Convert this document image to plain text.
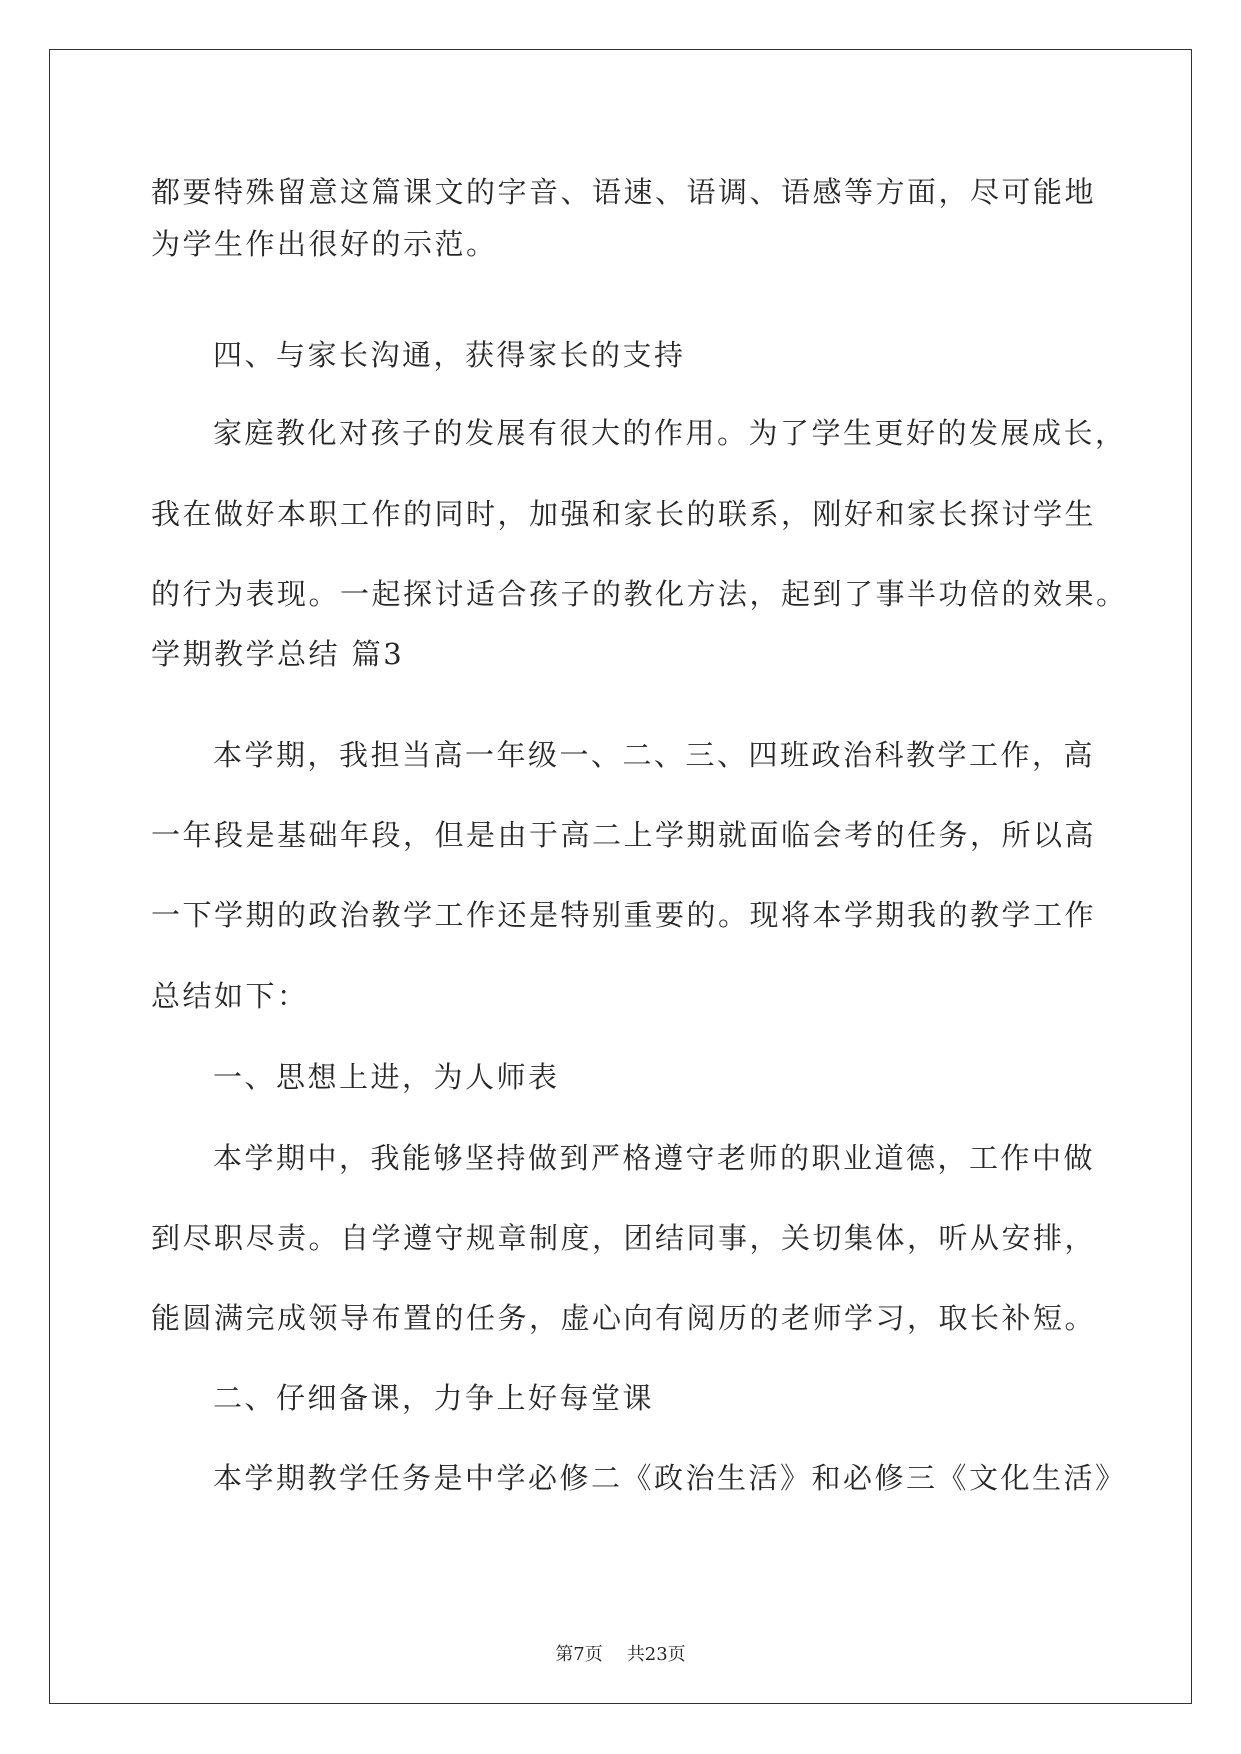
都要特殊留意这篇课文的字音、语速、语调、语感等方面，尽可能地

为学生作出很好的示范。

四、与家长沟通，获得家长的支持

家庭教化对孩子的发展有很大的作用。为了学生更好的发展成长，

我在做好本职工作的同时，加强和家长的联系，刚好和家长探讨学生

的行为表现。一起探讨适合孩子的教化方法，起到了事半功倍的效果。

学期教学总结 篇3

本学期，我担当高一年级一、二、三、四班政治科教学工作，高

一年段是基础年段，但是由于高二上学期就面临会考的任务，所以高

一下学期的政治教学工作还是特别重要的。现将本学期我的教学工作

总结如下：

一、思想上进，为人师表

本学期中，我能够坚持做到严格遵守老师的职业道德，工作中做

到尽职尽责。自学遵守规章制度，团结同事，关切集体，听从安排，

能圆满完成领导布置的任务，虚心向有阅历的老师学习，取长补短。

二、仔细备课，力争上好每堂课

本学期教学任务是中学必修二《政治生活》和必修三《文化生活》

第7页 共23页
